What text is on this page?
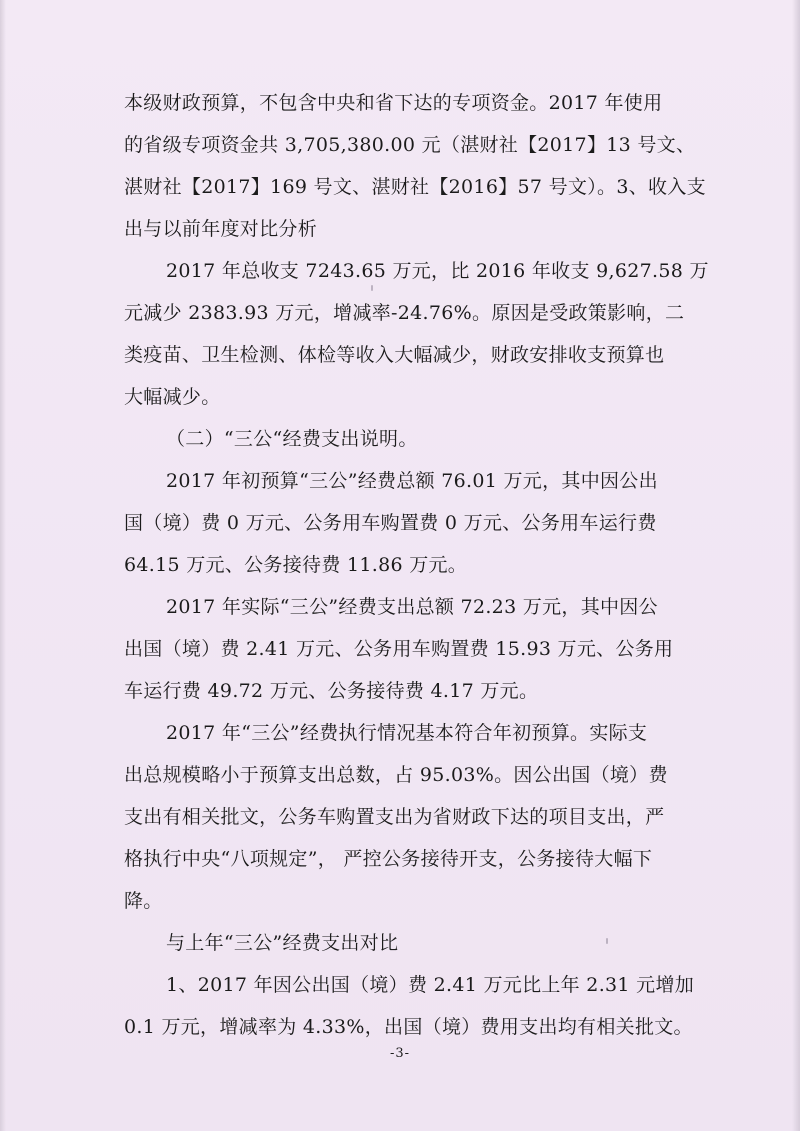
本级财政预算，不包含中央和省下达的专项资金。2017 年使用
的省级专项资金共 3,705,380.00 元（湛财社【2017】13 号文、
湛财社【2017】169 号文、湛财社【2016】57 号文）。3、收入支
出与以前年度对比分析
2017 年总收支 7243.65 万元，比 2016 年收支 9,627.58 万
元减少 2383.93 万元，增减率-24.76%。原因是受政策影响，二
类疫苗、卫生检测、体检等收入大幅减少，财政安排收支预算也
大幅减少。
（二）“三公“经费支出说明。
2017 年初预算“三公”经费总额 76.01 万元，其中因公出
国（境）费 0 万元、公务用车购置费 0 万元、公务用车运行费
64.15 万元、公务接待费 11.86 万元。
2017 年实际“三公”经费支出总额 72.23 万元，其中因公
出国（境）费 2.41 万元、公务用车购置费 15.93 万元、公务用
车运行费 49.72 万元、公务接待费 4.17 万元。
2017 年“三公”经费执行情况基本符合年初预算。实际支
出总规模略小于预算支出总数，占 95.03%。因公出国（境）费
支出有相关批文，公务车购置支出为省财政下达的项目支出，严
格执行中央“八项规定”， 严控公务接待开支，公务接待大幅下
降。
与上年“三公”经费支出对比
1、2017 年因公出国（境）费 2.41 万元比上年 2.31 元增加
0.1 万元，增减率为 4.33%，出国（境）费用支出均有相关批文。
-3-
